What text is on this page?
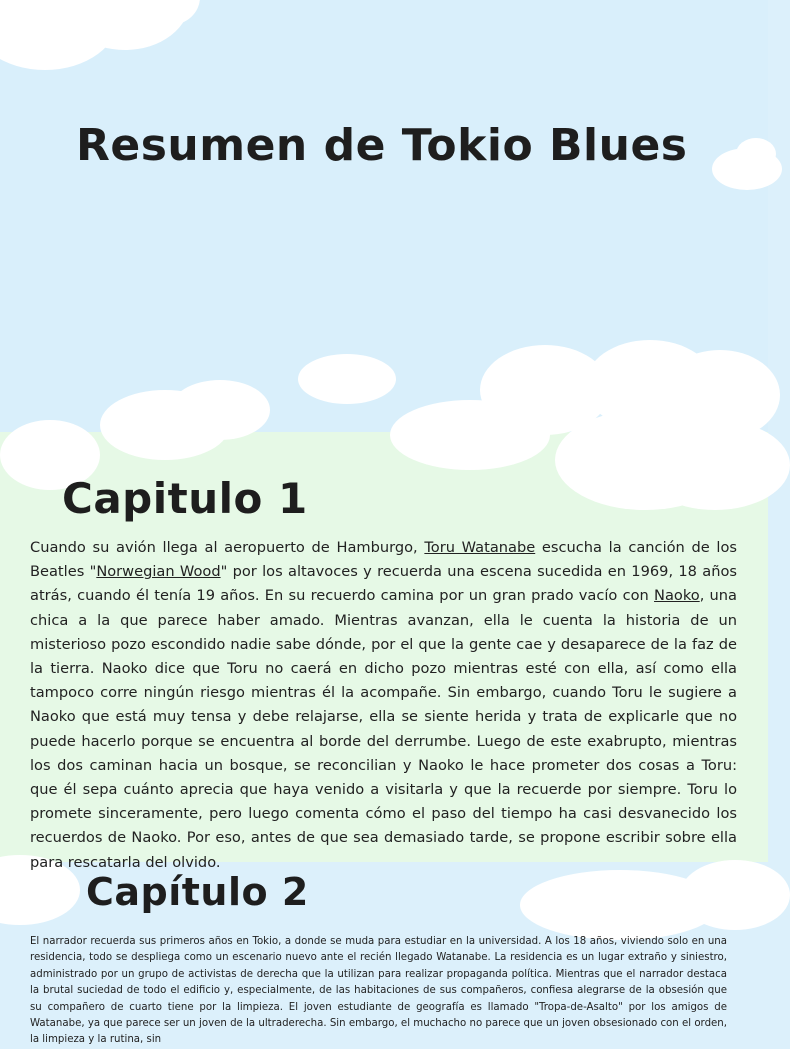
Resumen de Tokio Blues
Capitulo 1

Cuando su avión llega al aeropuerto de Hamburgo, Toru Watanabe escucha la canción de los Beatles "Norwegian Wood" por los altavoces y recuerda una escena sucedida en 1969, 18 años atrás, cuando él tenía 19 años. En su recuerdo camina por un gran prado vacío con Naoko, una chica a la que parece haber amado. Mientras avanzan, ella le cuenta la historia de un misterioso pozo escondido nadie sabe dónde, por el que la gente cae y desaparece de la faz de la tierra. Naoko dice que Toru no caerá en dicho pozo mientras esté con ella, así como ella tampoco corre ningún riesgo mientras él la acompañe. Sin embargo, cuando Toru le sugiere a Naoko que está muy tensa y debe relajarse, ella se siente herida y trata de explicarle que no puede hacerlo porque se encuentra al borde del derrumbe. Luego de este exabrupto, mientras los dos caminan hacia un bosque, se reconcilian y Naoko le hace prometer dos cosas a Toru: que él sepa cuánto aprecia que haya venido a visitarla y que la recuerde por siempre. Toru lo promete sinceramente, pero luego comenta cómo el paso del tiempo ha casi desvanecido los recuerdos de Naoko. Por eso, antes de que sea demasiado tarde, se propone escribir sobre ella para rescatarla del olvido.

Capítulo 2

El narrador recuerda sus primeros años en Tokio, a donde se muda para estudiar en la universidad. A los 18 años, viviendo solo en una residencia, todo se despliega como un escenario nuevo ante el recién llegado Watanabe. La residencia es un lugar extraño y siniestro, administrado por un grupo de activistas de derecha que la utilizan para realizar propaganda política. Mientras que el narrador destaca la brutal suciedad de todo el edificio y, especialmente, de las habitaciones de sus compañeros, confiesa alegrarse de la obsesión que su compañero de cuarto tiene por la limpieza. El joven estudiante de geografía es llamado "Tropa-de-Asalto" por los amigos de Watanabe, ya que parece ser un joven de la ultraderecha. Sin embargo, el muchacho no parece que un joven obsesionado con el orden, la limpieza y la rutina, sin
